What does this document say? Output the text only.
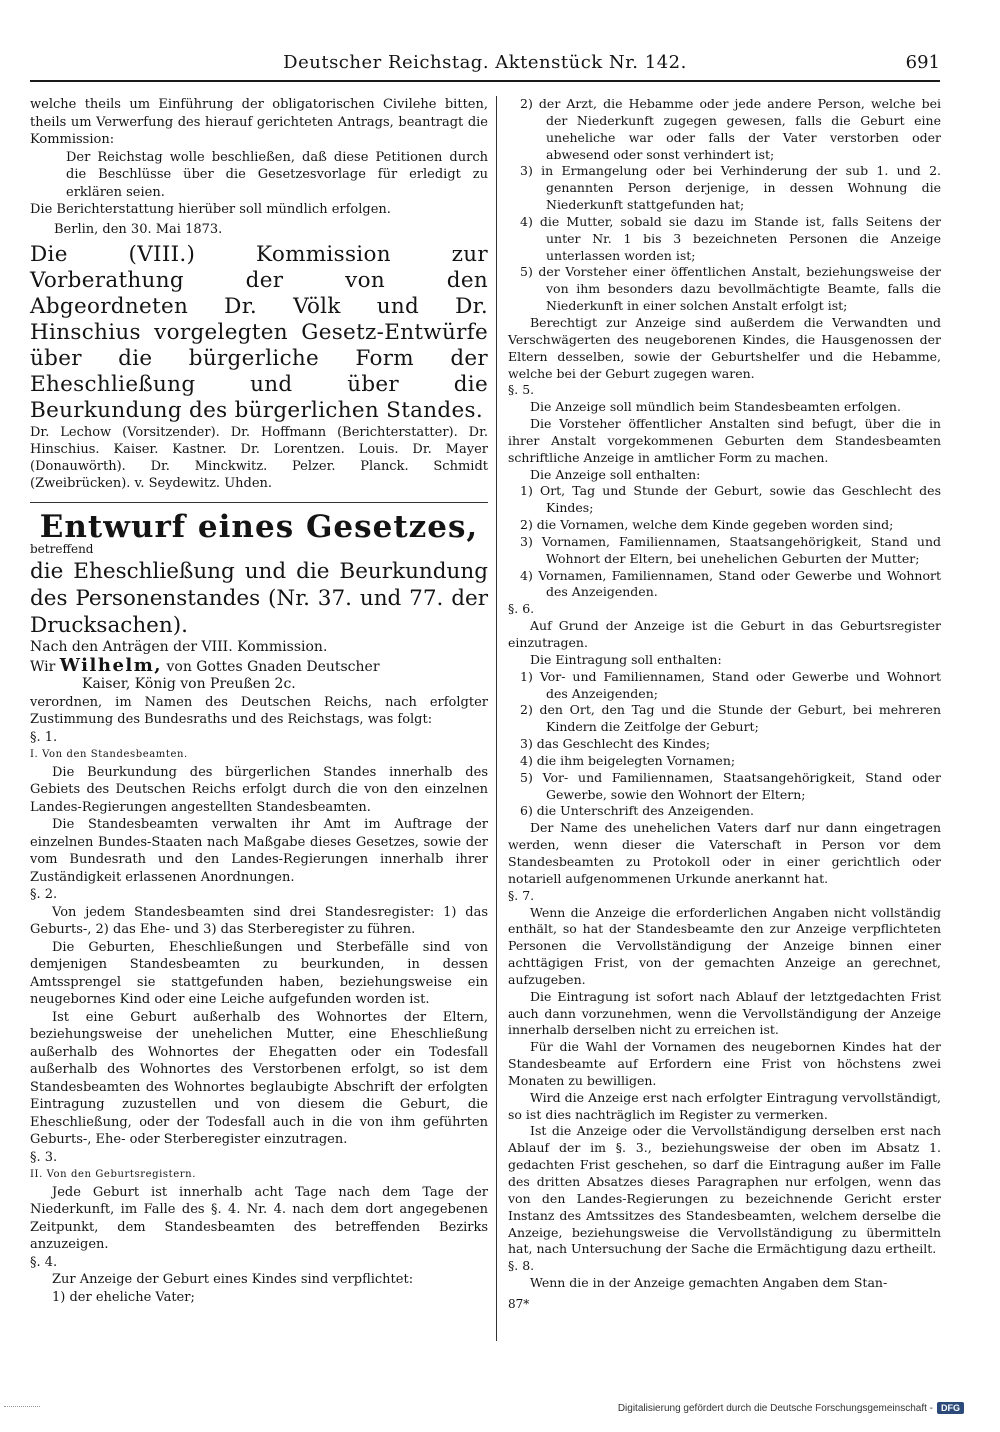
Deutscher Reichstag. Aktenstück Nr. 142.	691

welche theils um Einführung der obligatorischen Civilehe bitten, theils um Verwerfung des hierauf gerichteten Antrags, beantragt die Kommission:

Der Reichstag wolle beschließen, daß diese Petitionen durch die Beschlüsse über die Gesetzesvorlage für erledigt zu erklären seien.

Die Berichterstattung hierüber soll mündlich erfolgen.

Berlin, den 30. Mai 1873.

Die (VIII.) Kommission zur Vorberathung der von den Abgeordneten Dr. Völk und Dr. Hinschius vorgelegten Gesetz-Entwürfe über die bürgerliche Form der Eheschließung und über die Beurkundung des bürgerlichen Standes.

Dr. Lechow (Vorsitzender). Dr. Hoffmann (Berichterstatter). Dr. Hinschius. Kaiser. Kastner. Dr. Lorentzen. Louis. Dr. Mayer (Donauwörth). Dr. Minckwitz. Pelzer. Planck. Schmidt (Zweibrücken). v. Seydewitz. Uhden.

Entwurf eines Gesetzes,

betreffend

die Eheschließung und die Beurkundung des Personenstandes (Nr. 37. und 77. der Drucksachen).

Nach den Anträgen der VIII. Kommission.

Wir Wilhelm, von Gottes Gnaden Deutscher

Kaiser, König von Preußen 2c.

verordnen, im Namen des Deutschen Reichs, nach erfolgter Zustimmung des Bundesraths und des Reichstags, was folgt:

§. 1.

I. Von den Standesbeamten.

Die Beurkundung des bürgerlichen Standes innerhalb des Gebiets des Deutschen Reichs erfolgt durch die von den einzelnen Landes-Regierungen angestellten Standesbeamten.

Die Standesbeamten verwalten ihr Amt im Auftrage der einzelnen Bundes-Staaten nach Maßgabe dieses Gesetzes, sowie der vom Bundesrath und den Landes-Regierungen innerhalb ihrer Zuständigkeit erlassenen Anordnungen.

§. 2.

Von jedem Standesbeamten sind drei Standesregister: 1) das Geburts-, 2) das Ehe- und 3) das Sterberegister zu führen.

Die Geburten, Eheschließungen und Sterbefälle sind von demjenigen Standesbeamten zu beurkunden, in dessen Amtssprengel sie stattgefunden haben, beziehungsweise ein neugebornes Kind oder eine Leiche aufgefunden worden ist.

Ist eine Geburt außerhalb des Wohnortes der Eltern, beziehungsweise der unehelichen Mutter, eine Eheschließung außerhalb des Wohnortes der Ehegatten oder ein Todesfall außerhalb des Wohnortes des Verstorbenen erfolgt, so ist dem Standesbeamten des Wohnortes beglaubigte Abschrift der erfolgten Eintragung zuzustellen und von diesem die Geburt, die Eheschließung, oder der Todesfall auch in die von ihm geführten Geburts-, Ehe- oder Sterberegister einzutragen.

§. 3.

II. Von den Geburtsregistern.

Jede Geburt ist innerhalb acht Tage nach dem Tage der Niederkunft, im Falle des §. 4. Nr. 4. nach dem dort angegebenen Zeitpunkt, dem Standesbeamten des betreffenden Bezirks anzuzeigen.

§. 4.

Zur Anzeige der Geburt eines Kindes sind verpflichtet:

1) der eheliche Vater;

2) der Arzt, die Hebamme oder jede andere Person, welche bei der Niederkunft zugegen gewesen, falls die Geburt eine uneheliche war oder falls der Vater verstorben oder abwesend oder sonst verhindert ist;

3) in Ermangelung oder bei Verhinderung der sub 1. und 2. genannten Person derjenige, in dessen Wohnung die Niederkunft stattgefunden hat;

4) die Mutter, sobald sie dazu im Stande ist, falls Seitens der unter Nr. 1 bis 3 bezeichneten Personen die Anzeige unterlassen worden ist;

5) der Vorsteher einer öffentlichen Anstalt, beziehungsweise der von ihm besonders dazu bevollmächtigte Beamte, falls die Niederkunft in einer solchen Anstalt erfolgt ist;

Berechtigt zur Anzeige sind außerdem die Verwandten und Verschwägerten des neugeborenen Kindes, die Hausgenossen der Eltern desselben, sowie der Geburtshelfer und die Hebamme, welche bei der Geburt zugegen waren.

§. 5.

Die Anzeige soll mündlich beim Standesbeamten erfolgen.

Die Vorsteher öffentlicher Anstalten sind befugt, über die in ihrer Anstalt vorgekommenen Geburten dem Standesbeamten schriftliche Anzeige in amtlicher Form zu machen.

Die Anzeige soll enthalten:

1) Ort, Tag und Stunde der Geburt, sowie das Geschlecht des Kindes;

2) die Vornamen, welche dem Kinde gegeben worden sind;

3) Vornamen, Familiennamen, Staatsangehörigkeit, Stand und Wohnort der Eltern, bei unehelichen Geburten der Mutter;

4) Vornamen, Familiennamen, Stand oder Gewerbe und Wohnort des Anzeigenden.

§. 6.

Auf Grund der Anzeige ist die Geburt in das Geburtsregister einzutragen.

Die Eintragung soll enthalten:

1) Vor- und Familiennamen, Stand oder Gewerbe und Wohnort des Anzeigenden;

2) den Ort, den Tag und die Stunde der Geburt, bei mehreren Kindern die Zeitfolge der Geburt;

3) das Geschlecht des Kindes;

4) die ihm beigelegten Vornamen;

5) Vor- und Familiennamen, Staatsangehörigkeit, Stand oder Gewerbe, sowie den Wohnort der Eltern;

6) die Unterschrift des Anzeigenden.

Der Name des unehelichen Vaters darf nur dann eingetragen werden, wenn dieser die Vaterschaft in Person vor dem Standesbeamten zu Protokoll oder in einer gerichtlich oder notariell aufgenommenen Urkunde anerkannt hat.

§. 7.

Wenn die Anzeige die erforderlichen Angaben nicht vollständig enthält, so hat der Standesbeamte den zur Anzeige verpflichteten Personen die Vervollständigung der Anzeige binnen einer achttägigen Frist, von der gemachten Anzeige an gerechnet, aufzugeben.

Die Eintragung ist sofort nach Ablauf der letztgedachten Frist auch dann vorzunehmen, wenn die Vervollständigung der Anzeige innerhalb derselben nicht zu erreichen ist.

Für die Wahl der Vornamen des neugebornen Kindes hat der Standesbeamte auf Erfordern eine Frist von höchstens zwei Monaten zu bewilligen.

Wird die Anzeige erst nach erfolgter Eintragung vervollständigt, so ist dies nachträglich im Register zu vermerken.

Ist die Anzeige oder die Vervollständigung derselben erst nach Ablauf der im §. 3., beziehungsweise der oben im Absatz 1. gedachten Frist geschehen, so darf die Eintragung außer im Falle des dritten Absatzes dieses Paragraphen nur erfolgen, wenn das von den Landes-Regierungen zu bezeichnende Gericht erster Instanz des Amtssitzes des Standesbeamten, welchem derselbe die Anzeige, beziehungsweise die Vervollständigung zu übermitteln hat, nach Untersuchung der Sache die Ermächtigung dazu ertheilt.

§. 8.

Wenn die in der Anzeige gemachten Angaben dem Stan-

87*

Digitalisierung gefördert durch die Deutsche Forschungsgemeinschaft - DFG
